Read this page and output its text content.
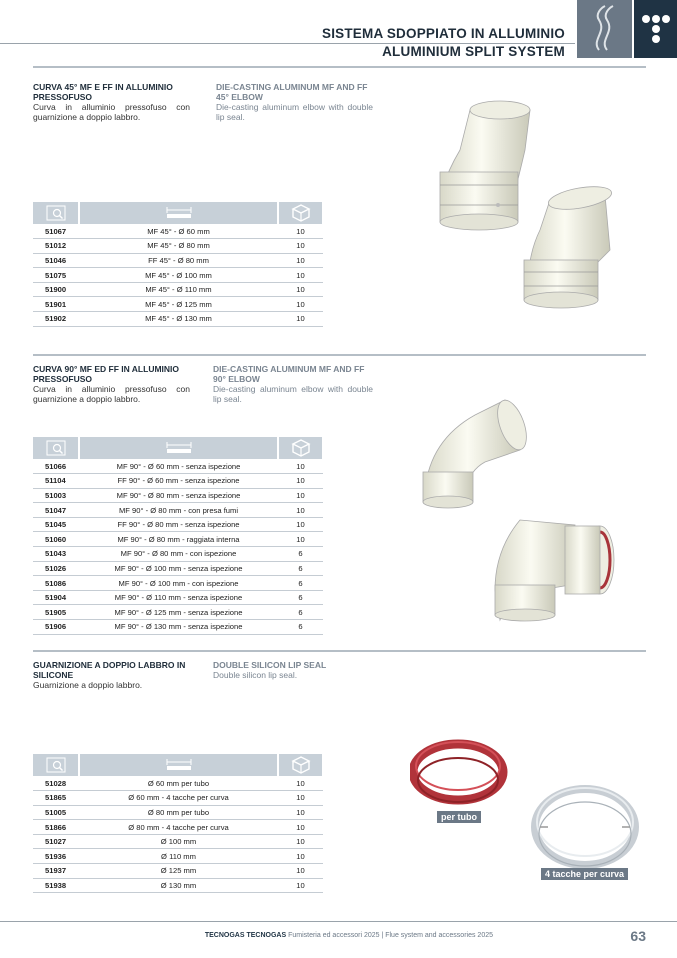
SISTEMA SDOPPIATO IN ALLUMINIO
ALUMINIUM SPLIT SYSTEM
CURVA 45° MF E FF IN ALLUMINIO PRESSOFUSO
Curva in alluminio pressofuso con guarnizione a doppio labbro.
DIE-CASTING ALUMINUM MF AND FF 45° ELBOW
Die-casting aluminum elbow with double lip seal.

51067	MF 45° - Ø 60 mm	10
51012	MF 45° - Ø 80 mm	10
51046	FF 45° - Ø 80 mm	10
51075	MF 45° - Ø 100 mm	10
51900	MF 45° - Ø 110 mm	10
51901	MF 45° - Ø 125 mm	10
51902	MF 45° - Ø 130 mm	10
CURVA 90° MF ED FF IN ALLUMINIO PRESSOFUSO
Curva in alluminio pressofuso con guarnizione a doppio labbro.
DIE-CASTING ALUMINUM MF AND FF 90° ELBOW
Die-casting aluminum elbow with double lip seal.

51066	MF 90° - Ø 60 mm - senza ispezione	10
51104	FF 90° - Ø 60 mm - senza ispezione	10
51003	MF 90° - Ø 80 mm - senza ispezione	10
51047	MF 90° - Ø 80 mm - con presa fumi	10
51045	FF 90° - Ø 80 mm - senza ispezione	10
51060	MF 90° - Ø 80 mm - raggiata interna	10
51043	MF 90° - Ø 80 mm - con ispezione	6
51026	MF 90° - Ø 100 mm - senza ispezione	6
51086	MF 90° - Ø 100 mm - con ispezione	6
51904	MF 90° - Ø 110 mm - senza ispezione	6
51905	MF 90° - Ø 125 mm - senza ispezione	6
51906	MF 90° - Ø 130 mm - senza ispezione	6
GUARNIZIONE A DOPPIO LABBRO IN SILICONE
Guarnizione a doppio labbro.
DOUBLE SILICON LIP SEAL
Double silicon lip seal.

51028	Ø 60 mm per tubo	10
51865	Ø 60 mm - 4 tacche per curva	10
51005	Ø 80 mm per tubo	10
51866	Ø 80 mm - 4 tacche per curva	10
51027	Ø 100 mm	10
51936	Ø 110 mm	10
51937	Ø 125 mm	10
51938	Ø 130 mm	10
per tubo
4 tacche per curva
TECNOGAS TECNOGAS Fumisteria ed accessori 2025 | Flue system and accessories 2025	63
